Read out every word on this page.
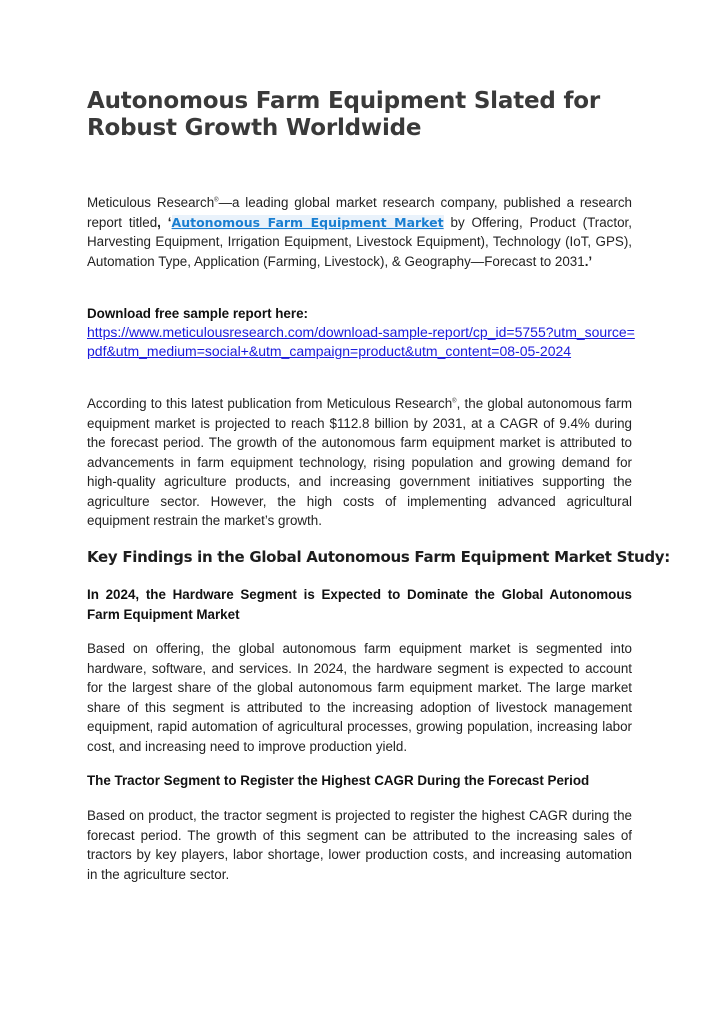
Autonomous Farm Equipment Slated for Robust Growth Worldwide

Meticulous Research®—a leading global market research company, published a research report titled, ‘Autonomous Farm Equipment Market by Offering, Product (Tractor, Harvesting Equipment, Irrigation Equipment, Livestock Equipment), Technology (IoT, GPS), Automation Type, Application (Farming, Livestock), & Geography—Forecast to 2031.’

Download free sample report here:

https://www.meticulousresearch.com/download-sample-report/cp_id=5755?utm_source=pdf&utm_medium=social+&utm_campaign=product&utm_content=08-05-2024

According to this latest publication from Meticulous Research®, the global autonomous farm equipment market is projected to reach $112.8 billion by 2031, at a CAGR of 9.4% during the forecast period. The growth of the autonomous farm equipment market is attributed to advancements in farm equipment technology, rising population and growing demand for high-quality agriculture products, and increasing government initiatives supporting the agriculture sector. However, the high costs of implementing advanced agricultural equipment restrain the market’s growth.

Key Findings in the Global Autonomous Farm Equipment Market Study:
In 2024, the Hardware Segment is Expected to Dominate the Global Autonomous Farm Equipment Market

Based on offering, the global autonomous farm equipment market is segmented into hardware, software, and services. In 2024, the hardware segment is expected to account for the largest share of the global autonomous farm equipment market. The large market share of this segment is attributed to the increasing adoption of livestock management equipment, rapid automation of agricultural processes, growing population, increasing labor cost, and increasing need to improve production yield.

The Tractor Segment to Register the Highest CAGR During the Forecast Period

Based on product, the tractor segment is projected to register the highest CAGR during the forecast period. The growth of this segment can be attributed to the increasing sales of tractors by key players, labor shortage, lower production costs, and increasing automation in the agriculture sector.
